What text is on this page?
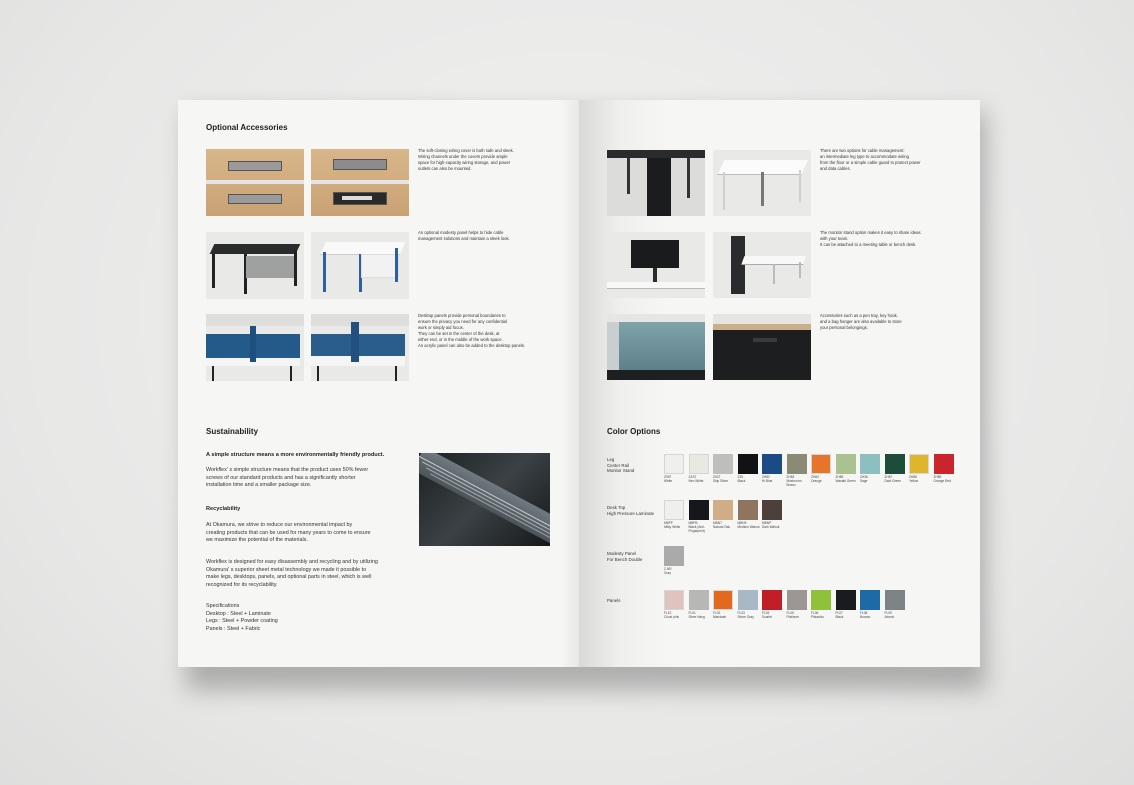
Optional Accessories
The soft-closing wiring cover is both safe and sleek.
Wiring channels under the covers provide ample
space for high-capacity wiring storage, and power
outlets can also be mounted.
An optional modesty panel helps to hide cable
management solutions and maintain a sleek look.
Desktop panels provide personal boundaries to
ensure the privacy you need for any confidential
work or simply aid focus.
They can be set in the center of the desk, at
either end, or in the middle of the work space.
An acrylic panel can also be added to the desktop panels.
Sustainability
A simple structure means a more environmentally friendly product.
Workflex' s simple structure means that the product uses 50% fewer
screws of our standard products and has a significantly shorter
installation time and a smaller package size.
Recyclability
At Okamura, we strive to reduce our environmental impact by
creating products that can be used for many years to come to ensure
we maximize the potential of the materials.
Workflex is designed for easy disassembly and recycling and by utilizing
Okamura' s superior sheet metal technology we made it possible to
make legs, desktops, panels, and optional parts in steel, which is well
recognized for its recyclability.
Specifications
Desktop : Steel + Laminate
Legs : Steel + Powder coating
Panels : Steel + Fabric
There are two options for cable management:
an intermediate leg type to accommodate wiring
from the floor or a simple cable guard to protect power
and data cables.
The monitor stand option makes it easy to share ideas
with your team.
It can be attached to a meeting table or bench desk.
Accessories such as a pen tray, key hook,
and a bag hanger are also available to store
your personal belongings.
Color Options
Leg
Center Rail
Monitor Stand
Z997
White
ZA70
Neo White
Z637
Skip Silver
Z35
Black
ZH82
Hi Blue
ZH83
Mushroom Brown
ZH84
Orange
ZH85
Wasabi Green
ZH36
Sage
ZH87
Dark Green
ZH88
Yellow
ZH89
Orange Red
Desk Top
High Pressure Laminate
MBPF
Milky White
MBPB
Black (Anti-Fingerprint)
MBN7
Natural Oak
MBN9
Medium Walnut
MBNP
Dark Walnut
Modesty Panel
For Bench Double
Z-NR
Gray
Panels
FL10
Cloud pink
FL01
Silver lining
FL02
Mandarin
FL03
Storm Gray
FL04
Scarlet
FL05
Platinum
FL06
Pistachio
FL07
Black
FL08
Borano
FL09
Atomic
